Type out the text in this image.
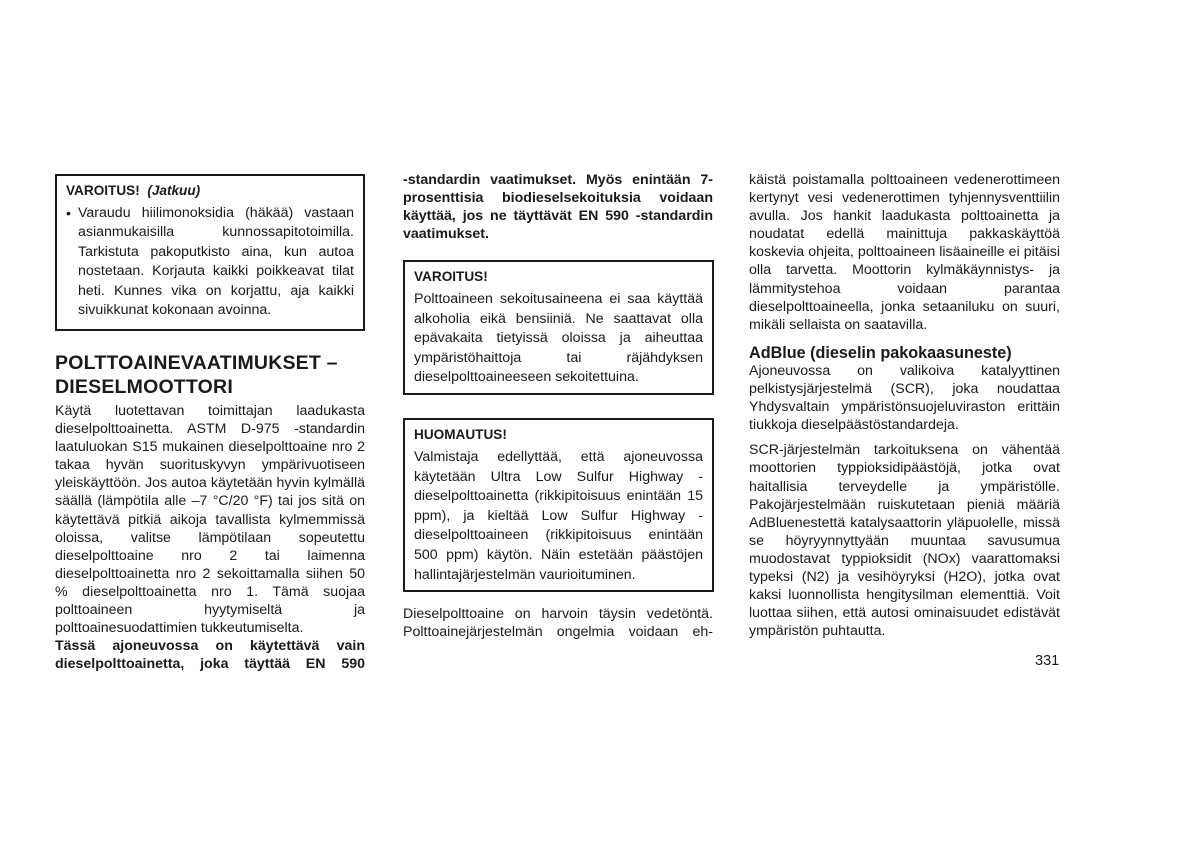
VAROITUS! (Jatkuu)

• Varaudu hiilimonoksidia (häkää) vastaan asianmukaisilla kunnossapitotoimilla. Tarkistuta pakoputkisto aina, kun autoa nostetaan. Korjauta kaikki poikkeavat tilat heti. Kunnes vika on korjattu, aja kaikki sivuikkunat kokonaan avoinna.

POLTTOAINEVAATIMUKSET –
DIESELMOOTTORI

Käytä luotettavan toimittajan laadukasta dieselpolttoainetta. ASTM D-975 -standardin laatuluokan S15 mukainen dieselpolttoaine nro 2 takaa hyvän suorituskyvyn ympärivuotiseen yleiskäyttöön. Jos autoa käytetään hyvin kylmällä säällä (lämpötila alle –7 °C/20 °F) tai jos sitä on käytettävä pitkiä aikoja tavallista kylmemmissä oloissa, valitse lämpötilaan sopeutettu dieselpolttoaine nro 2 tai laimenna dieselpolttoainetta nro 2 sekoittamalla siihen 50 % dieselpolttoainetta nro 1. Tämä suojaa polttoaineen hyytymiseltä ja polttoainesuodattimien tukkeutumiselta.

Tässä ajoneuvossa on käytettävä vain dieselpolttoainetta, joka täyttää EN 590

-standardin vaatimukset. Myös enintään 7-prosenttisia biodieselsekoituksia voidaan käyttää, jos ne täyttävät EN 590 -standardin vaatimukset.

VAROITUS!

Polttoaineen sekoitusaineena ei saa käyttää alkoholia eikä bensiiniä. Ne saattavat olla epävakaita tietyissä oloissa ja aiheuttaa ympäristöhaittoja tai räjähdyksen dieselpolttoaineeseen sekoitettuina.

HUOMAUTUS!

Valmistaja edellyttää, että ajoneuvossa käytetään Ultra Low Sulfur Highway -dieselpolttoainetta (rikkipitoisuus enintään 15 ppm), ja kieltää Low Sulfur Highway -dieselpolttoaineen (rikkipitoisuus enintään 500 ppm) käytön. Näin estetään päästöjen hallintajärjestelmän vaurioituminen.

Dieselpolttoaine on harvoin täysin vedetöntä. Polttoainejärjestelmän ongelmia voidaan eh-

käistä poistamalla polttoaineen vedenerottimeen kertynyt vesi vedenerottimen tyhjennysventtiilin avulla. Jos hankit laadukasta polttoainetta ja noudatat edellä mainittuja pakkaskäyttöä koskevia ohjeita, polttoaineen lisäaineille ei pitäisi olla tarvetta. Moottorin kylmäkäynnistys- ja lämmitystehoa voidaan parantaa dieselpolttoaineella, jonka setaaniluku on suuri, mikäli sellaista on saatavilla.

AdBlue (dieselin pakokaasuneste)

Ajoneuvossa on valikoiva katalyyttinen pelkistysjärjestelmä (SCR), joka noudattaa Yhdysvaltain ympäristönsuojeluviraston erittäin tiukkoja dieselpäästöstandardeja.

SCR-järjestelmän tarkoituksena on vähentää moottorien typpioksidipäästöjä, jotka ovat haitallisia terveydelle ja ympäristölle. Pakojärjestelmään ruiskutetaan pieniä määriä AdBluenestettä katalysaattorin yläpuolelle, missä se höyryynnyttyään muuntaa savusumua muodostavat typpioksidit (NOx) vaarattomaksi typeksi (N2) ja vesihöyryksi (H2O), jotka ovat kaksi luonnollista hengitysilman elementtiä. Voit luottaa siihen, että autosi ominaisuudet edistävät ympäristön puhtautta.

331
